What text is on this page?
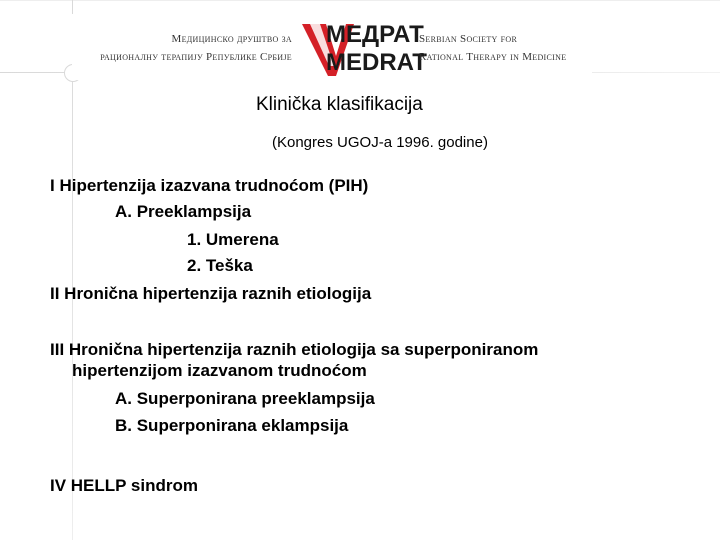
Медицинско друштво за
рационалну терапију Републике Србије
МЕДРАТ
MEDRAT
Serbian Society for
Rational Therapy in Medicine
Klinička klasifikacija
(Kongres UGOJ-a 1996. godine)
I Hipertenzija izazvana trudnoćom (PIH)
A. Preeklampsija
1. Umerena
2. Teška
II Hronična hipertenzija raznih etiologija
III Hronična hipertenzija raznih etiologija sa superponiranom
hipertenzijom izazvanom trudnoćom
A. Superponirana preeklampsija
B. Superponirana eklampsija
IV HELLP sindrom
